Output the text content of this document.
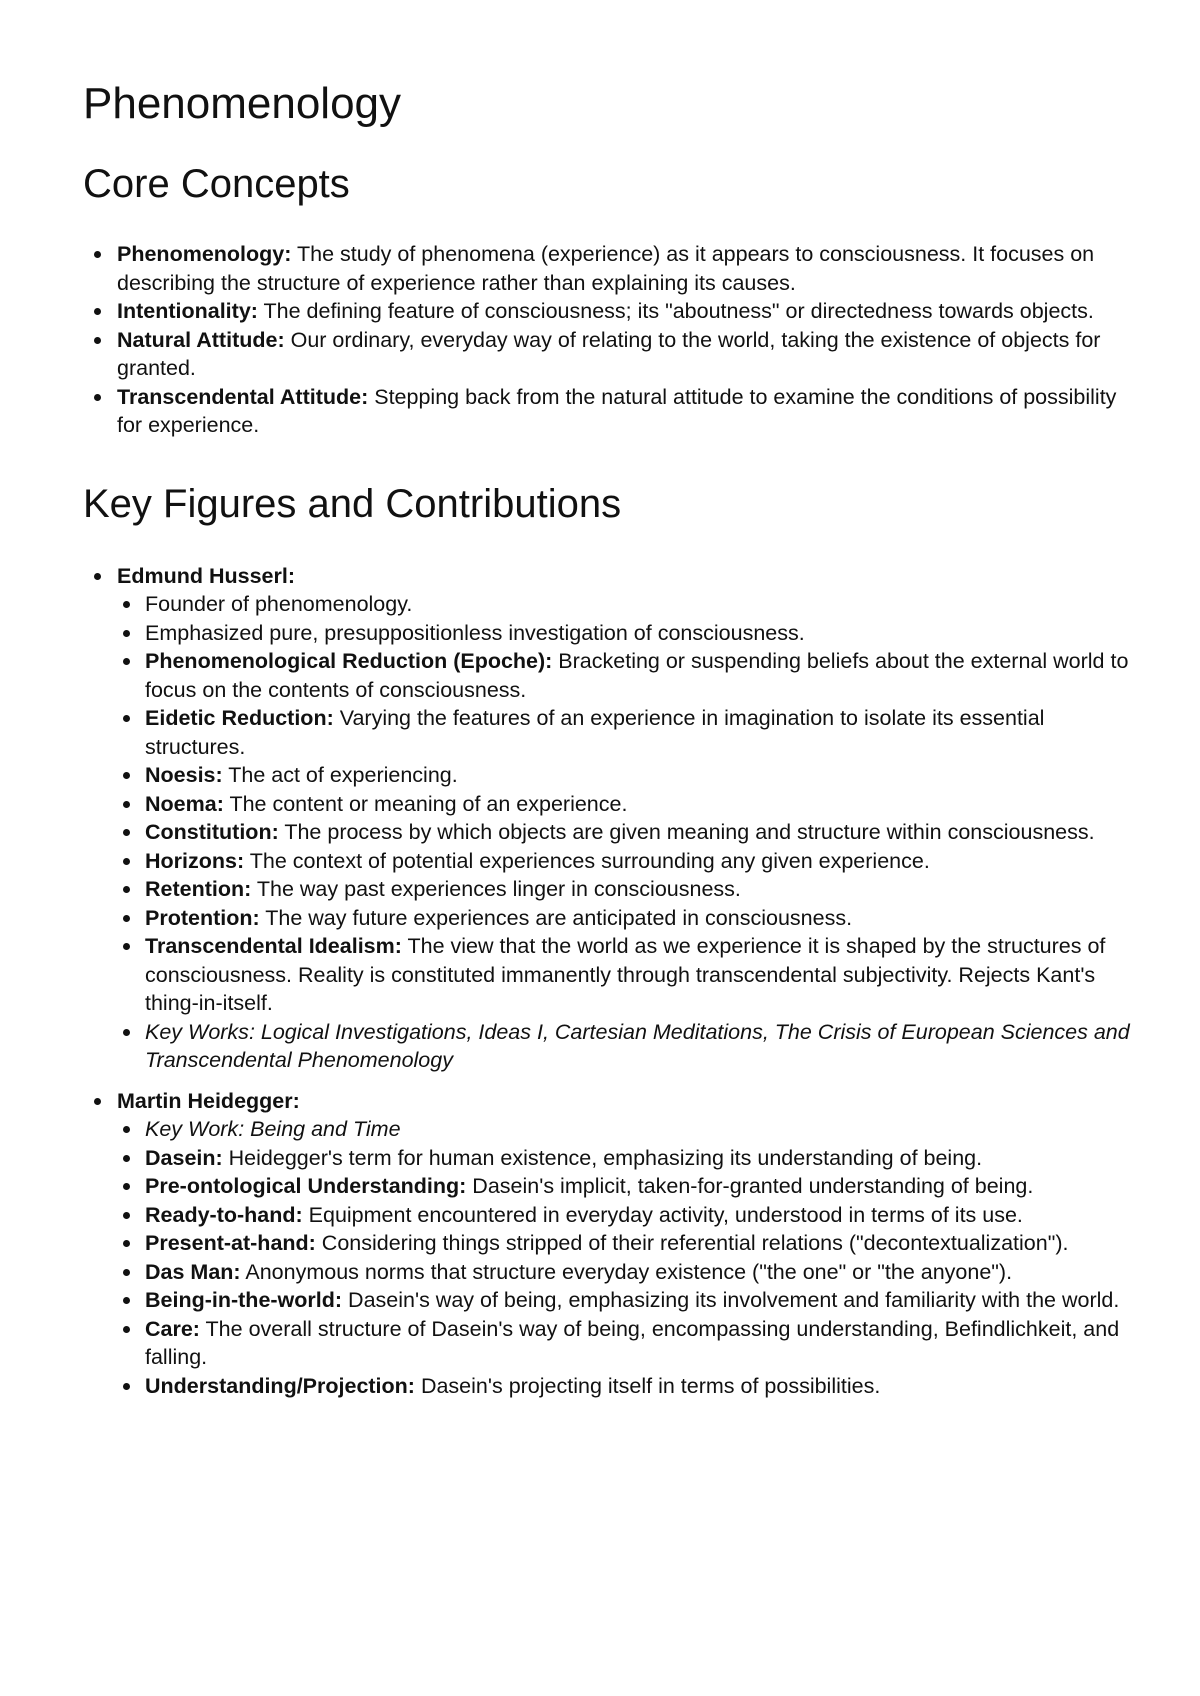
Phenomenology
Core Concepts
Phenomenology: The study of phenomena (experience) as it appears to consciousness. It focuses on describing the structure of experience rather than explaining its causes.
Intentionality: The defining feature of consciousness; its "aboutness" or directedness towards objects.
Natural Attitude: Our ordinary, everyday way of relating to the world, taking the existence of objects for granted.
Transcendental Attitude: Stepping back from the natural attitude to examine the conditions of possibility for experience.
Key Figures and Contributions
Edmund Husserl:
Founder of phenomenology.
Emphasized pure, presuppositionless investigation of consciousness.
Phenomenological Reduction (Epoche): Bracketing or suspending beliefs about the external world to focus on the contents of consciousness.
Eidetic Reduction: Varying the features of an experience in imagination to isolate its essential structures.
Noesis: The act of experiencing.
Noema: The content or meaning of an experience.
Constitution: The process by which objects are given meaning and structure within consciousness.
Horizons: The context of potential experiences surrounding any given experience.
Retention: The way past experiences linger in consciousness.
Protention: The way future experiences are anticipated in consciousness.
Transcendental Idealism: The view that the world as we experience it is shaped by the structures of consciousness. Reality is constituted immanently through transcendental subjectivity. Rejects Kant's thing-in-itself.
Key Works: Logical Investigations, Ideas I, Cartesian Meditations, The Crisis of European Sciences and Transcendental Phenomenology
Martin Heidegger:
Key Work: Being and Time
Dasein: Heidegger's term for human existence, emphasizing its understanding of being.
Pre-ontological Understanding: Dasein's implicit, taken-for-granted understanding of being.
Ready-to-hand: Equipment encountered in everyday activity, understood in terms of its use.
Present-at-hand: Considering things stripped of their referential relations ("decontextualization").
Das Man: Anonymous norms that structure everyday existence ("the one" or "the anyone").
Being-in-the-world: Dasein's way of being, emphasizing its involvement and familiarity with the world.
Care: The overall structure of Dasein's way of being, encompassing understanding, Befindlichkeit, and falling.
Understanding/Projection: Dasein's projecting itself in terms of possibilities.
